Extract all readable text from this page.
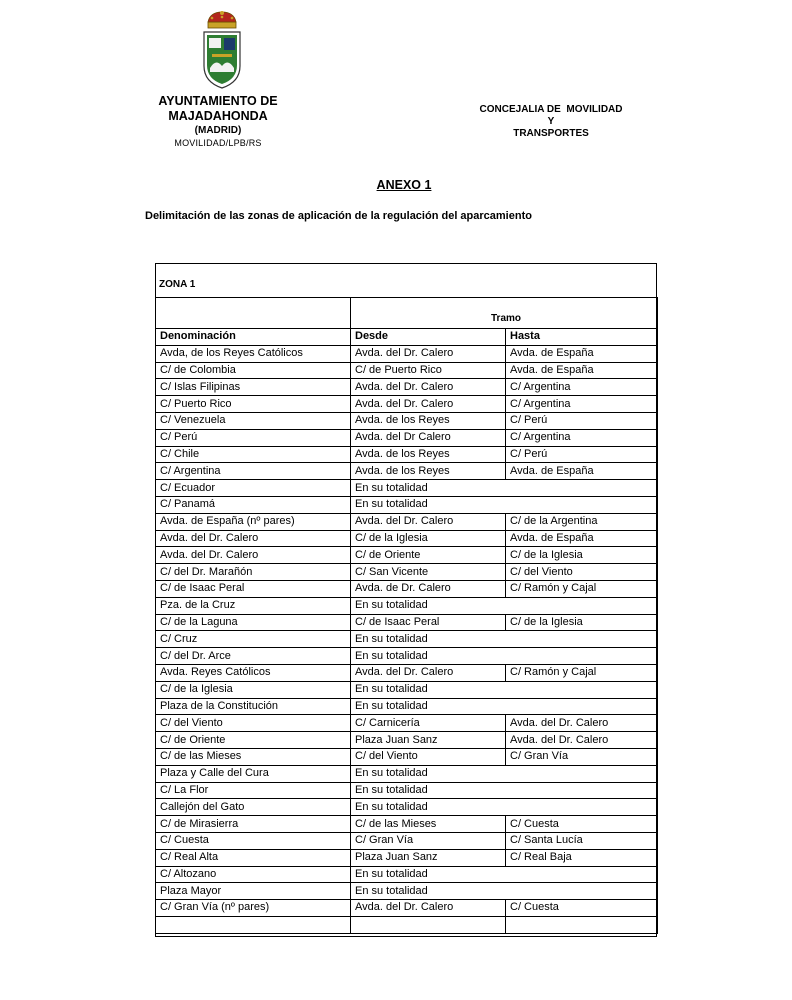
AYUNTAMIENTO DE
MAJADAHONDA
(MADRID)
MOVILIDAD/LPB/RS
CONCEJALIA DE  MOVILIDAD
Y
TRANSPORTES
ANEXO 1
Delimitación de las zonas de aplicación de la regulación del aparcamiento
ZONA 1

	Tramo	

Denominación	Desde	Hasta
Avda, de los Reyes Católicos	Avda. del Dr. Calero	Avda. de España
C/ de Colombia	C/ de Puerto Rico	Avda. de España
C/ Islas Filipinas	Avda. del Dr. Calero	C/ Argentina
C/ Puerto Rico	Avda. del Dr. Calero	C/ Argentina
C/ Venezuela	Avda. de los Reyes	C/ Perú
C/ Perú	Avda. del Dr Calero	C/ Argentina
C/ Chile	Avda. de los Reyes	C/ Perú
C/ Argentina	Avda. de los Reyes	Avda. de España
C/ Ecuador	En su totalidad	
C/ Panamá	En su totalidad	
Avda. de España (nº pares)	Avda. del Dr. Calero	C/ de la Argentina
Avda. del Dr. Calero	C/ de la Iglesia	Avda. de España
Avda. del Dr. Calero	C/ de Oriente	C/ de la Iglesia
C/ del Dr. Marañón	C/ San Vicente	C/ del Viento
C/ de Isaac Peral	Avda. de Dr. Calero	C/ Ramón y Cajal
Pza. de la Cruz	En su totalidad	
C/ de la Laguna	C/ de Isaac Peral	C/ de la Iglesia
C/ Cruz	En su totalidad	
C/ del Dr. Arce	En su totalidad	
Avda. Reyes Católicos	Avda. del Dr. Calero	C/ Ramón y Cajal
C/ de la Iglesia	En su totalidad	
Plaza de la Constitución	En su totalidad	
C/ del Viento	C/ Carnicería	Avda. del Dr. Calero
C/ de Oriente	Plaza Juan Sanz	Avda. del Dr. Calero
C/ de las Mieses	C/ del Viento	C/ Gran Vía
Plaza y Calle del Cura	En su totalidad	
C/ La Flor	En su totalidad	
Callejón del Gato	En su totalidad	
C/ de Mirasierra	C/ de las Mieses	C/ Cuesta
C/ Cuesta	C/ Gran Vía	C/ Santa Lucía
C/ Real Alta	Plaza Juan Sanz	C/ Real Baja
C/ Altozano	En su totalidad	
Plaza Mayor	En su totalidad	
C/ Gran Vía (nº pares)	Avda. del Dr. Calero	C/ Cuesta
